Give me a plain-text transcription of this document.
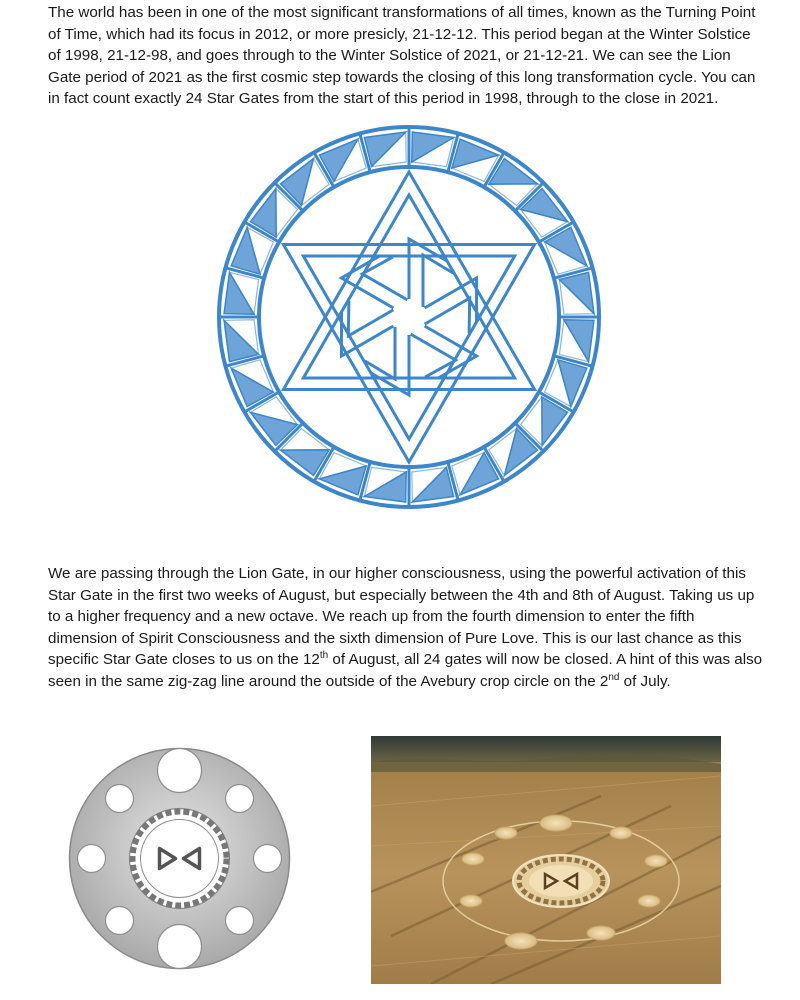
The world has been in one of the most significant transformations of all times, known as the Turning Point of Time, which had its focus in 2012, or more presicly, 21-12-12. This period began at the Winter Solstice of 1998, 21-12-98, and goes through to the Winter Solstice of 2021, or 21-12-21. We can see the Lion Gate period of 2021 as the first cosmic step towards the closing of this long transformation cycle. You can in fact count exactly 24 Star Gates from the start of this period in 1998, through to the close in 2021.

We are passing through the Lion Gate, in our higher consciousness, using the powerful activation of this Star Gate in the first two weeks of August, but especially between the 4th and 8th of August. Taking us up to a higher frequency and a new octave. We reach up from the fourth dimension to enter the fifth dimension of Spirit Consciousness and the sixth dimension of Pure Love. This is our last chance as this specific Star Gate closes to us on the 12th of August, all 24 gates will now be closed. A hint of this was also seen in the same zig-zag line around the outside of the Avebury crop circle on the 2nd of July.
